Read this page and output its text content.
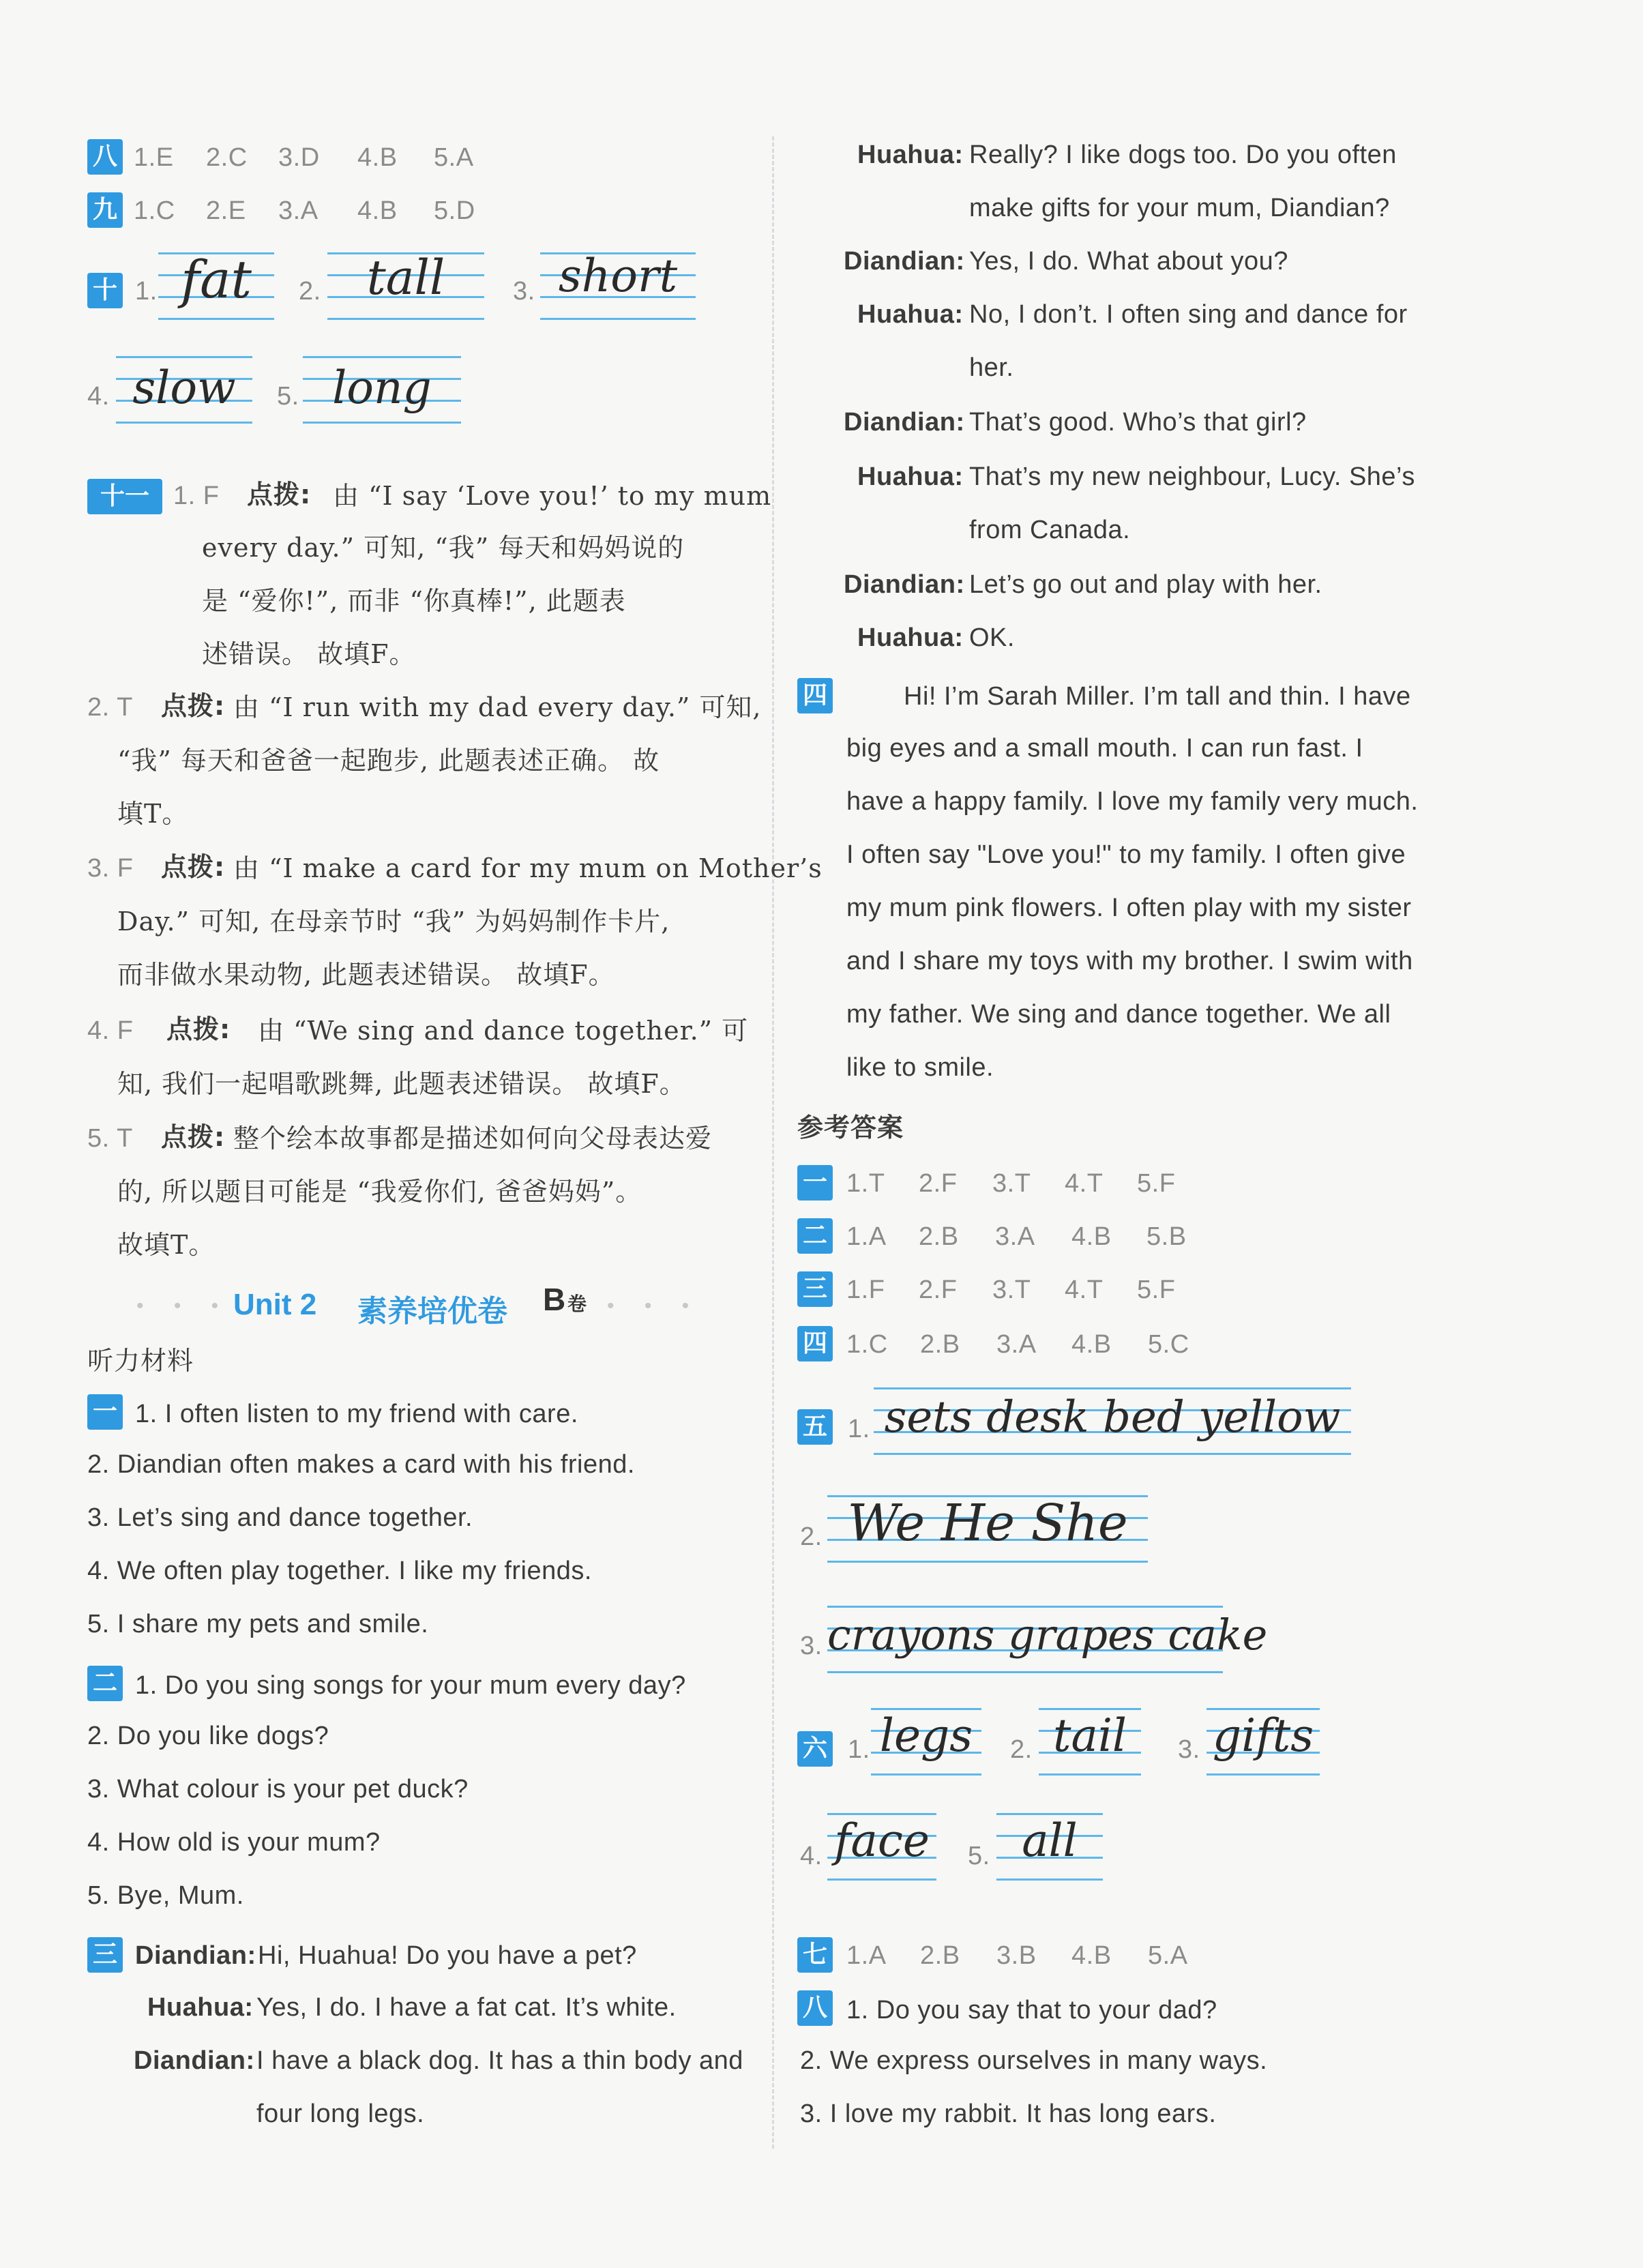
八 1.E 2.C 3.D 4.B 5.A
九 1.C 2.E 3.A 4.B 5.D
十 1. fat	2. tall	3. short
4. slow	5. long
十一 1. F 点拨: 由 “I say ‘Love you!’ to my mum
every day.” 可知, “我” 每天和妈妈说的
是 “爱你!”, 而非 “你真棒!”, 此题表
述错误。 故填F。
2. T 点拨: 由 “I run with my dad every day.” 可知,
“我” 每天和爸爸一起跑步, 此题表述正确。 故
填T。
3. F 点拨: 由 “I make a card for my mum on Mother’s
Day.” 可知, 在母亲节时 “我” 为妈妈制作卡片,
而非做水果动物, 此题表述错误。 故填F。
4. F 点拨: 由 “We sing and dance together.” 可
知, 我们一起唱歌跳舞, 此题表述错误。 故填F。
5. T 点拨: 整个绘本故事都是描述如何向父母表达爱
的, 所以题目可能是 “我爱你们, 爸爸妈妈”。
故填T。
• • • Unit 2 素养培优卷 B 卷 • • •
听力材料
一 1. I often listen to my friend with care.
2. Diandian often makes a card with his friend.
3. Let’s sing and dance together.
4. We often play together. I like my friends.
5. I share my pets and smile.
二 1. Do you sing songs for your mum every day?
2. Do you like dogs?
3. What colour is your pet duck?
4. How old is your mum?
5. Bye, Mum.
三 Diandian: Hi, Huahua! Do you have a pet?
Huahua: Yes, I do. I have a fat cat. It’s white.
Diandian: I have a black dog. It has a thin body and
four long legs.
Huahua: Really? I like dogs too. Do you often
make gifts for your mum, Diandian?
Diandian: Yes, I do. What about you?
Huahua: No, I don’t. I often sing and dance for
her.
Diandian: That’s good. Who’s that girl?
Huahua: That’s my new neighbour, Lucy. She’s
from Canada.
Diandian: Let’s go out and play with her.
Huahua: OK.
四	Hi! I’m Sarah Miller. I’m tall and thin. I have
big eyes and a small mouth. I can run fast. I
have a happy family. I love my family very much.
I often say "Love you!" to my family. I often give
my mum pink flowers. I often play with my sister
and I share my toys with my brother. I swim with
my father. We sing and dance together. We all
like to smile.
参考答案
一 1.T 2.F 3.T 4.T 5.F
二 1.A 2.B 3.A 4.B 5.B
三 1.F 2.F 3.T 4.T 5.F
四 1.C 2.B 3.A 4.B 5.C
五 1. sets desk bed yellow
2. We He She
3. crayons grapes cake
六 1. legs	2. tail	3. gifts
4. face 5. all
七 1.A 2.B 3.B 4.B 5.A
八 1. Do you say that to your dad?
2. We express ourselves in many ways.
3. I love my rabbit. It has long ears.
